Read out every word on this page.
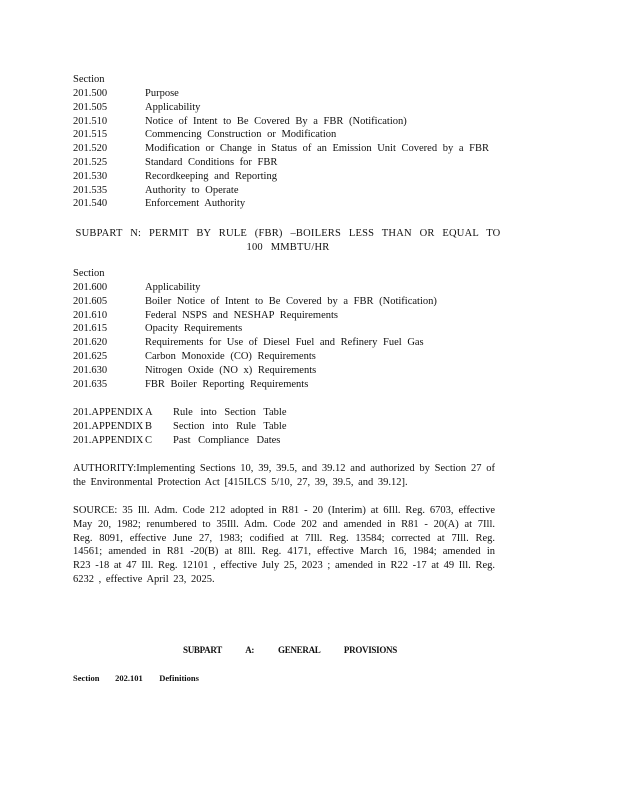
Section
201.500	Purpose
201.505	Applicability
201.510	Notice of Intent to Be Covered By a FBR (Notification)
201.515	Commencing Construction or Modification
201.520	Modification or Change in Status of an Emission Unit Covered by a FBR
201.525	Standard Conditions for FBR
201.530	Recordkeeping and Reporting
201.535	Authority to Operate
201.540	Enforcement Authority
SUBPART N: PERMIT BY RULE (FBR) –BOILERS LESS THAN OR EQUAL TO
100 MMBTU/HR
Section
201.600	Applicability
201.605	Boiler Notice of Intent to Be Covered by a FBR (Notification)
201.610	Federal NSPS and NESHAP Requirements
201.615	Opacity Requirements
201.620	Requirements for Use of Diesel Fuel and Refinery Fuel Gas
201.625	Carbon Monoxide (CO) Requirements
201.630	Nitrogen Oxide (NO x) Requirements
201.635	FBR Boiler Reporting Requirements
201.APPENDIX A	Rule into Section Table
201.APPENDIX B	Section into Rule Table
201.APPENDIX C	Past Compliance Dates
AUTHORITY:Implementing Sections 10, 39, 39.5, and 39.12 and authorized by Section 27 of the Environmental Protection Act [415ILCS 5/10, 27, 39, 39.5, and 39.12].
SOURCE: 35 Ill. Adm. Code 212 adopted in R81 - 20 (Interim) at 6Ill. Reg. 6703, effective May 20, 1982; renumbered to 35Ill. Adm. Code 202 and amended in R81 - 20(A) at 7Ill. Reg. 8091, effective June 27, 1983; codified at 7Ill. Reg. 13584; corrected at 7Ill. Reg. 14561; amended in R81 -20(B) at 8Ill. Reg. 4171, effective March 16, 1984; amended in R23 -18 at 47 Ill. Reg. 12101 , effective July 25, 2023 ; amended in R22 -17 at 49 Ill. Reg. 6232 , effective April 23, 2025.
SUBPART A: GENERAL PROVISIONS
Section 202.101 Definitions
